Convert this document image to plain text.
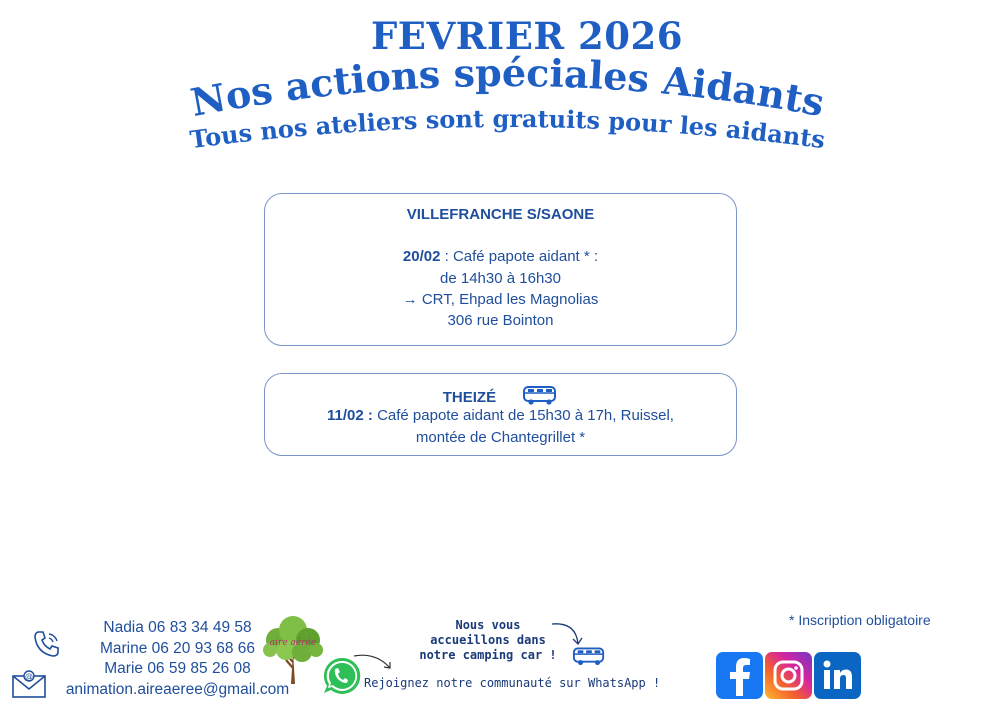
FEVRIER 2026
Nos actions spéciales Aidants
Tous nos ateliers sont gratuits pour les aidants
VILLEFRANCHE S/SAONE
20/02 : Café papote aidant * :
de 14h30 à 16h30
→ CRT, Ehpad les Magnolias
306 rue Bointon
THEIZÉ
11/02 : Café papote aidant de 15h30 à 17h, Ruissel,
montée de Chantegrillet *
@
Nadia 06 83 34 49 58
Marine 06 20 93 68 66
Marie 06 59 85 26 08
animation.aireaeree@gmail.com
aire aérée
Rejoignez notre communauté sur WhatsApp !
Nous vous
accueillons dans
notre camping car !
* Inscription obligatoire
